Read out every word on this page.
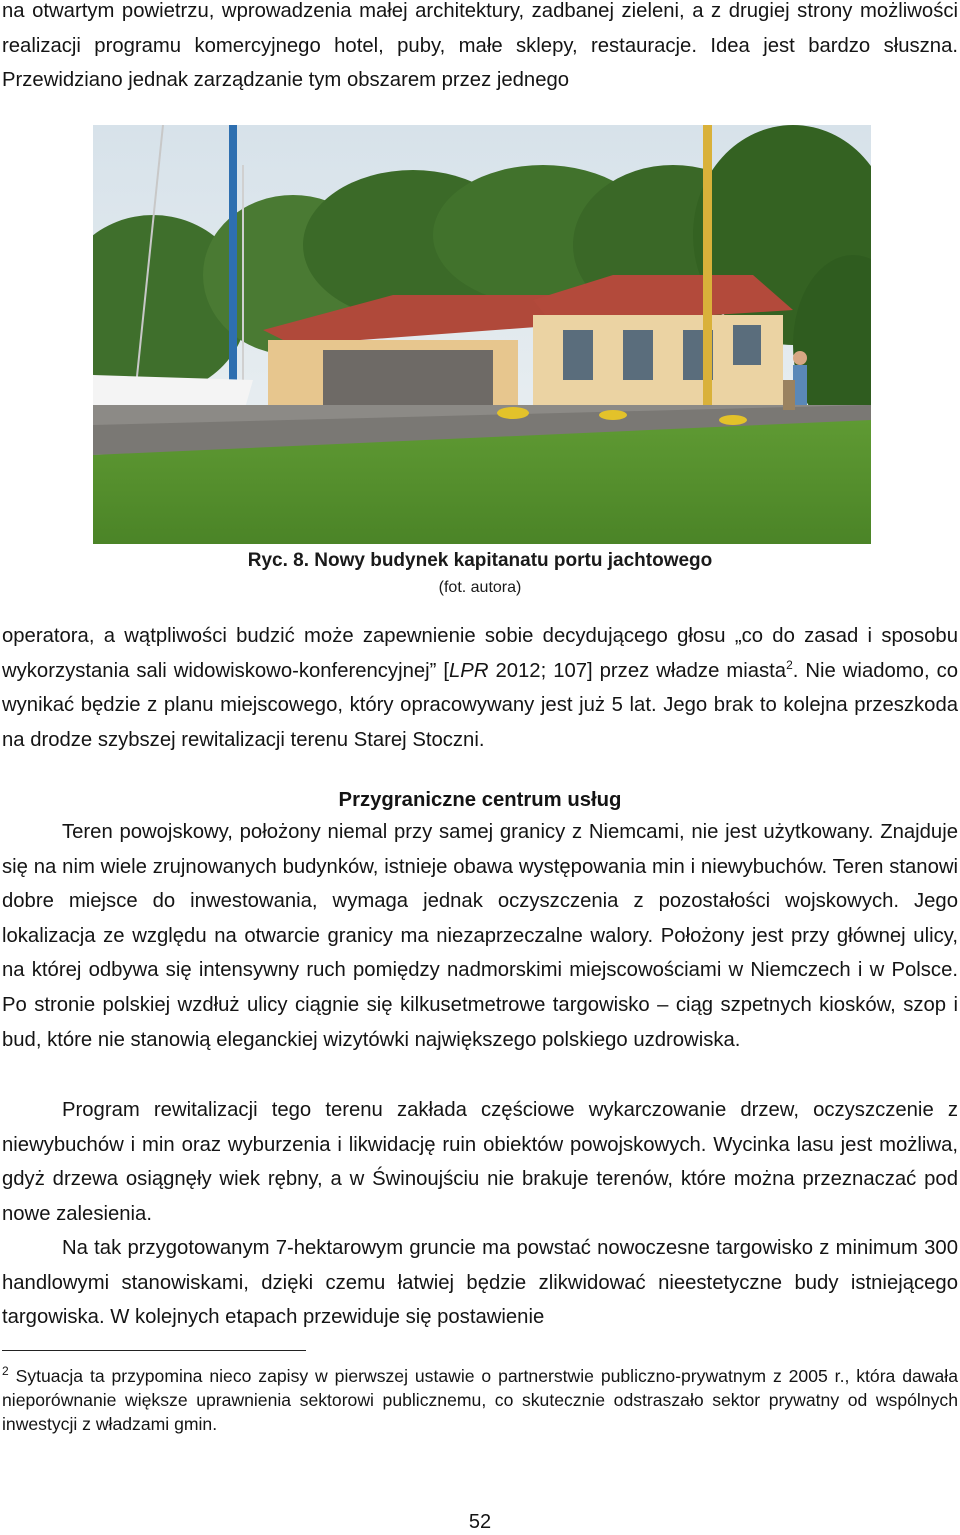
na otwartym powietrzu, wprowadzenia małej architektury, zadbanej zieleni, a z drugiej strony możliwości realizacji programu komercyjnego hotel, puby, małe sklepy, restauracje. Idea jest bardzo słuszna. Przewidziano jednak zarządzanie tym obszarem przez jednego

Ryc. 8. Nowy budynek kapitanatu portu jachtowego
(fot. autora)

operatora, a wątpliwości budzić może zapewnienie sobie decydującego głosu „co do zasad i sposobu wykorzystania sali widowiskowo-konferencyjnej” [LPR 2012; 107] przez władze miasta$^2$. Nie wiadomo, co wynikać będzie z planu miejscowego, który opracowywany jest już 5 lat. Jego brak to kolejna przeszkoda na drodze szybszej rewitalizacji terenu Starej Stoczni.

Przygraniczne centrum usług

Teren powojskowy, położony niemal przy samej granicy z Niemcami, nie jest użytkowany. Znajduje się na nim wiele zrujnowanych budynków, istnieje obawa występowania min i niewybuchów. Teren stanowi dobre miejsce do inwestowania, wymaga jednak oczyszczenia z pozostałości wojskowych. Jego lokalizacja ze względu na otwarcie granicy ma niezaprzeczalne walory. Położony jest przy głównej ulicy, na której odbywa się intensywny ruch pomiędzy nadmorskimi miejscowościami w Niemczech i w Polsce. Po stronie polskiej wzdłuż ulicy ciągnie się kilkusetmetrowe targowisko – ciąg szpetnych kiosków, szop i bud, które nie stanowią eleganckiej wizytówki największego polskiego uzdrowiska.

Program rewitalizacji tego terenu zakłada częściowe wykarczowanie drzew, oczyszczenie z niewybuchów i min oraz wyburzenia i likwidację ruin obiektów powojskowych. Wycinka lasu jest możliwa, gdyż drzewa osiągnęły wiek rębny, a w Świnoujściu nie brakuje terenów, które można przeznaczać pod nowe zalesienia.

Na tak przygotowanym 7-hektarowym gruncie ma powstać nowoczesne targowisko z minimum 300 handlowymi stanowiskami, dzięki czemu łatwiej będzie zlikwidować nieestetyczne budy istniejącego targowiska. W kolejnych etapach przewiduje się postawienie

$^2$ Sytuacja ta przypomina nieco zapisy w pierwszej ustawie o partnerstwie publiczno-prywatnym z 2005 r., która dawała nieporównanie większe uprawnienia sektorowi publicznemu, co skutecznie odstraszało sektor prywatny od wspólnych inwestycji z władzami gmin.

52
